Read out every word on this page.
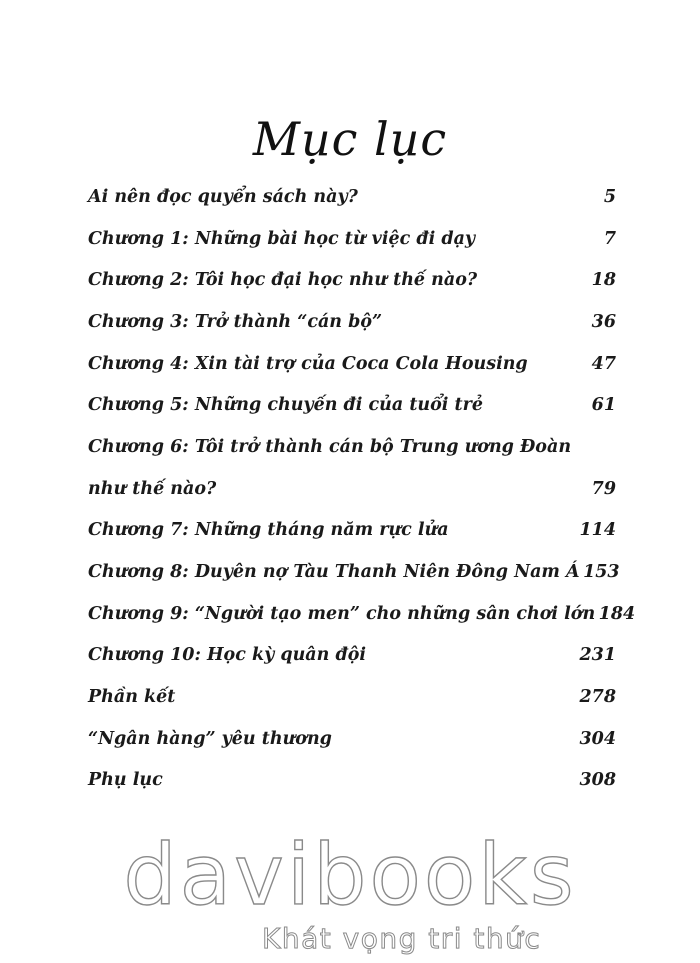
Mục lục
Ai nên đọc quyển sách này?	5
Chương 1: Những bài học từ việc đi dạy	7
Chương 2: Tôi học đại học như thế nào?	18
Chương 3: Trở thành “cán bộ”	36
Chương 4: Xin tài trợ của Coca Cola Housing	47
Chương 5: Những chuyến đi của tuổi trẻ	61
Chương 6: Tôi trở thành cán bộ Trung ương Đoàn
như thế nào?	79
Chương 7: Những tháng năm rực lửa	114
Chương 8: Duyên nợ Tàu Thanh Niên Đông Nam Á 153
Chương 9: “Người tạo men” cho những sân chơi lớn 184
Chương 10: Học kỳ quân đội	231
Phần kết	278
“Ngân hàng” yêu thương	304
Phụ lục	308
davibooks
Khát vọng tri thức
